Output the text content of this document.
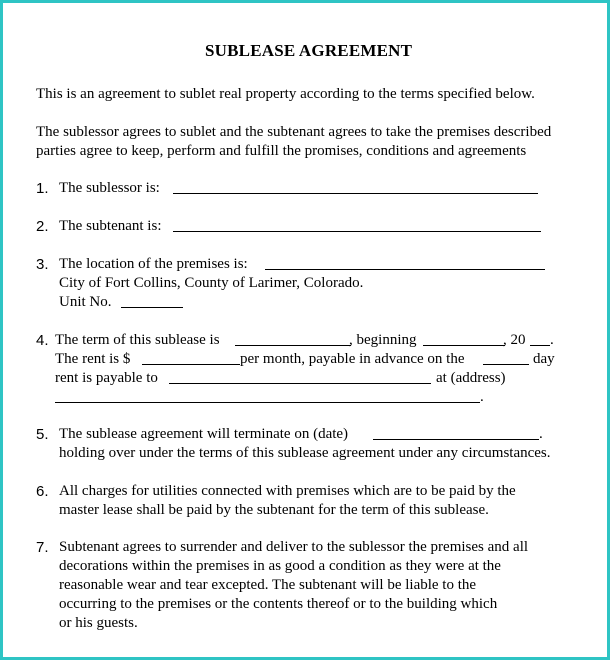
SUBLEASE AGREEMENT
This is an agreement to sublet real property according to the terms specified below.
The sublessor agrees to sublet and the subtenant agrees to take the premises described
parties agree to keep, perform and fulfill the promises, conditions and agreements
1. The sublessor is:
2. The subtenant is:
3. The location of the premises is:
City of Fort Collins, County of Larimer, Colorado.
Unit No.
4. The term of this sublease is	, beginning	, 20 .
The rent is $	per month, payable in advance on the	day
rent is payable to	at (address)
.
5. The sublease agreement will terminate on (date)	.
holding over under the terms of this sublease agreement under any circumstances.
6. All charges for utilities connected with premises which are to be paid by the
master lease shall be paid by the subtenant for the term of this sublease.
7. Subtenant agrees to surrender and deliver to the sublessor the premises and all
decorations within the premises in as good a condition as they were at the
reasonable wear and tear excepted. The subtenant will be liable to the
occurring to the premises or the contents thereof or to the building which
or his guests.
